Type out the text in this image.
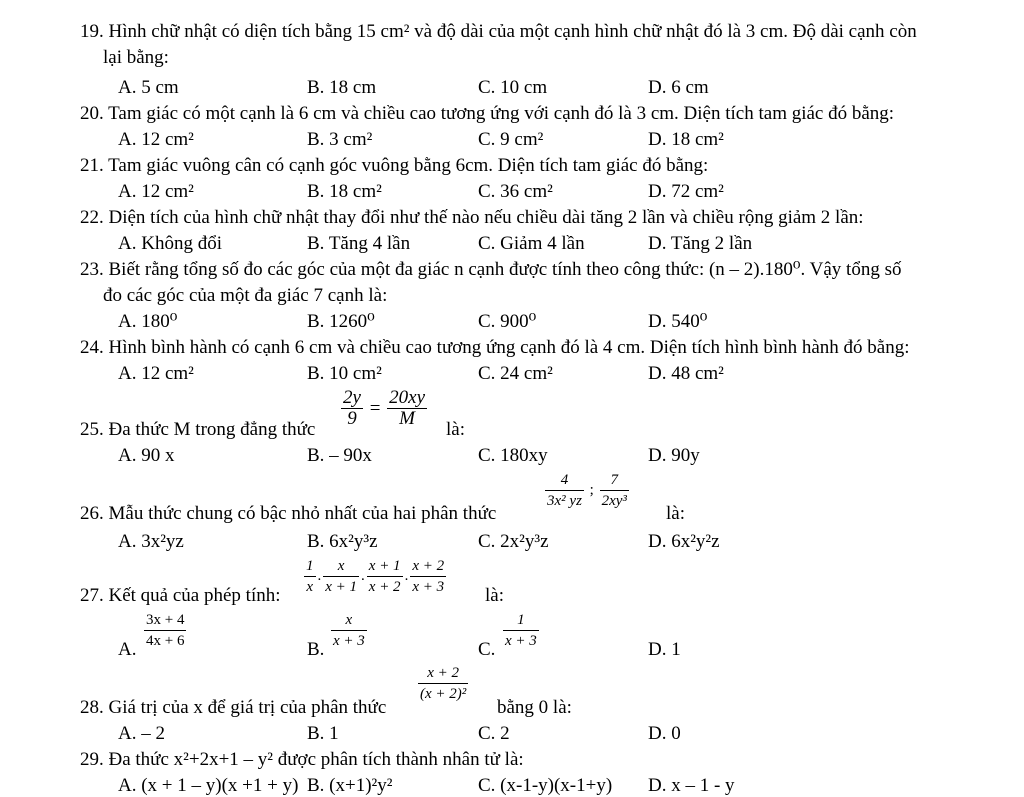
19. Hình chữ nhật có diện tích bằng 15 cm² và độ dài của một cạnh hình chữ nhật đó là 3 cm. Độ dài cạnh còn
lại bằng:
A. 5 cm	B. 18 cm	C. 10 cm	D. 6 cm
20. Tam giác có một cạnh là 6 cm và chiều cao tương ứng với cạnh đó là 3 cm. Diện tích tam giác đó bằng:
A. 12 cm²	B. 3 cm²	C. 9 cm²	D. 18 cm²
21. Tam giác vuông cân có cạnh góc vuông bằng 6cm. Diện tích tam giác đó bằng:
A. 12 cm²	B. 18 cm²	C. 36 cm²	D. 72 cm²
22. Diện tích của hình chữ nhật thay đổi như thế nào nếu chiều dài tăng 2 lần và chiều rộng giảm 2 lần:
A. Không đổi	B. Tăng 4 lần	C. Giảm 4 lần	D. Tăng 2 lần
23. Biết rằng tổng số đo các góc của một đa giác n cạnh được tính theo công thức: (n – 2).180⁰. Vậy tổng số
đo các góc của một đa giác 7 cạnh là:
A. 180⁰	B. 1260⁰	C. 900⁰	D. 540⁰
24. Hình bình hành có cạnh 6 cm và chiều cao tương ứng cạnh đó là 4 cm. Diện tích hình bình hành đó bằng:
A. 12 cm²	B. 10 cm²	C. 24 cm²	D. 48 cm²
25. Đa thức M trong đẳng thức
$\frac{2y}{9} = \frac{20xy}{M}$
là:
A. 90 x	B. – 90x	C. 180xy	D. 90y
26. Mẫu thức chung có bậc nhỏ nhất của hai phân thức
$\frac{4}{\text{3x² yz}}$ ; $\frac{7}{\text{2xy³}}$
là:
A. 3x²yz	B. 6x²y³z	C. 2x²y³z	D. 6x²y²z
27. Kết quả của phép tính: $\frac{1}{x}$ . $\frac{x}{x + 1}$ . $\frac{x + 1}{x + 2}$ . $\frac{x + 2}{x + 3}$ là:
A. $\frac{3x + 4}{4x + 6}$	B. $\frac{x}{x + 3}$	C. $\frac{1}{x + 3}$	D. 1
28. Giá trị của x để giá trị của phân thức
$\frac{x + 2}{\text{(x + 2)²}}$
bằng 0 là:
A. – 2	B. 1	C. 2	D. 0
29. Đa thức x²+2x+1 – y² được phân tích thành nhân tử là:
A. (x + 1 – y)(x +1 + y) B. (x+1)²y²	C. (x-1-y)(x-1+y) D. x – 1 - y
